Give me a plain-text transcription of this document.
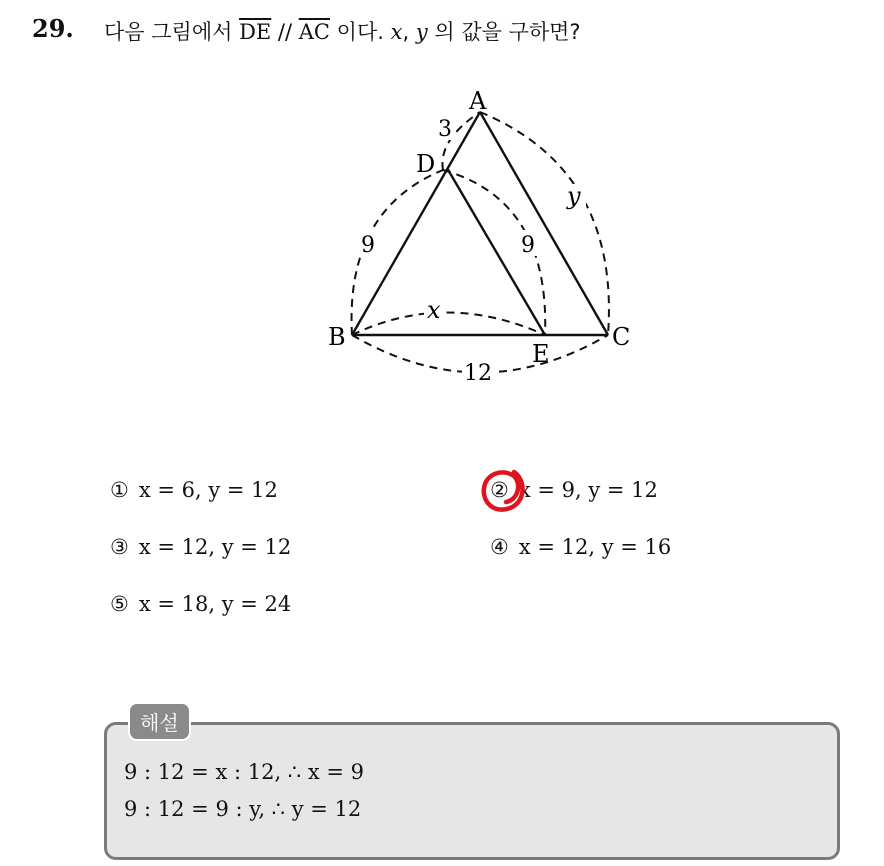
29. 다음 그림에서 $\overline{DE} // \overline{AC}$ 이다. x, y 의 값을 구하면?
A
D
B	C
E
3
9	9
y
x
12
① x = 6, y = 12	② x = 9, y = 12
③ x = 12, y = 12	④ x = 12, y = 16
⑤ x = 18, y = 24
해설
9 : 12 = x : 12, ∴ x = 9
9 : 12 = 9 : y, ∴ y = 12
